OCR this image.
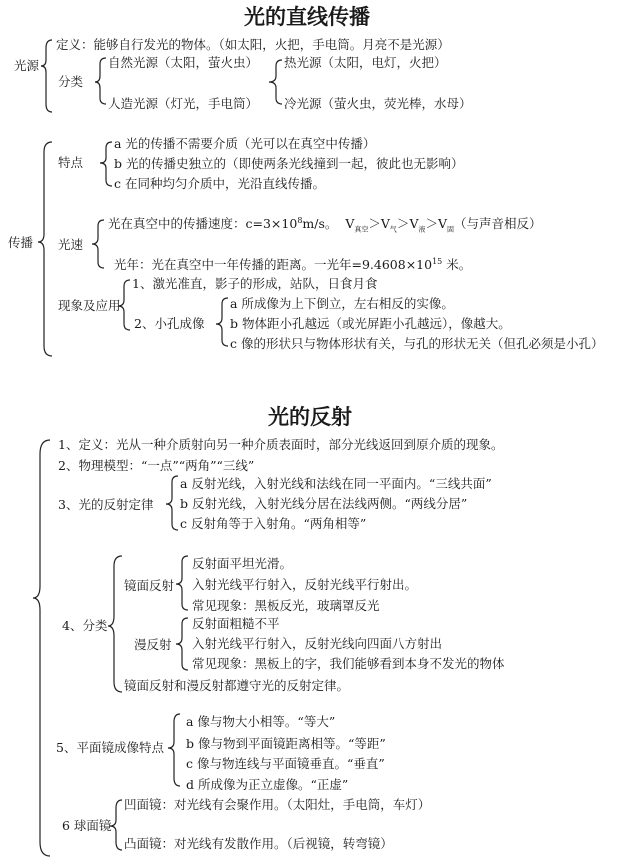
光的直线传播
光源
定义：能够自行发光的物体。（如太阳，火把，手电筒。月亮不是光源）
分类
自然光源（太阳，萤火虫）
人造光源（灯光，手电筒）
热光源（太阳，电灯，火把）
冷光源（萤火虫，荧光棒，水母）
传播
特点
a 光的传播不需要介质（光可以在真空中传播）
b 光的传播史独立的（即使两条光线撞到一起，彼此也无影响）
c 在同种均匀介质中，光沿直线传播。
光速
光在真空中的传播速度：$c=3\times 10^8m/s$。 $V_{真空}>V_气>V_液>V_固$（与声音相反）
光年：光在真空中一年传播的距离。一光年$=9.4608\times 10^{15}$ 米。
现象及应用
1、激光准直，影子的形成，站队，日食月食
2、小孔成像
a 所成像为上下倒立，左右相反的实像。
b 物体距小孔越远（或光屏距小孔越远），像越大。
c 像的形状只与物体形状有关，与孔的形状无关（但孔必须是小孔）
光的反射
1、定义：光从一种介质射向另一种介质表面时，部分光线返回到原介质的现象。
2、物理模型：“一点”“两角”“三线”
3、光的反射定律
a 反射光线，入射光线和法线在同一平面内。“三线共面”
b 反射光线，入射光线分居在法线两侧。“两线分居”
c 反射角等于入射角。“两角相等”
4、分类
镜面反射
反射面平坦光滑。
入射光线平行射入，反射光线平行射出。
常见现象：黑板反光，玻璃罩反光
漫反射
反射面粗糙不平
入射光线平行射入，反射光线向四面八方射出
常见现象：黑板上的字，我们能够看到本身不发光的物体
镜面反射和漫反射都遵守光的反射定律。
5、平面镜成像特点
a 像与物大小相等。“等大”
b 像与物到平面镜距离相等。“等距”
c 像与物连线与平面镜垂直。“垂直”
d 所成像为正立虚像。“正虚”
6 球面镜
凹面镜：对光线有会聚作用。（太阳灶，手电筒，车灯）
凸面镜：对光线有发散作用。（后视镜，转弯镜）
